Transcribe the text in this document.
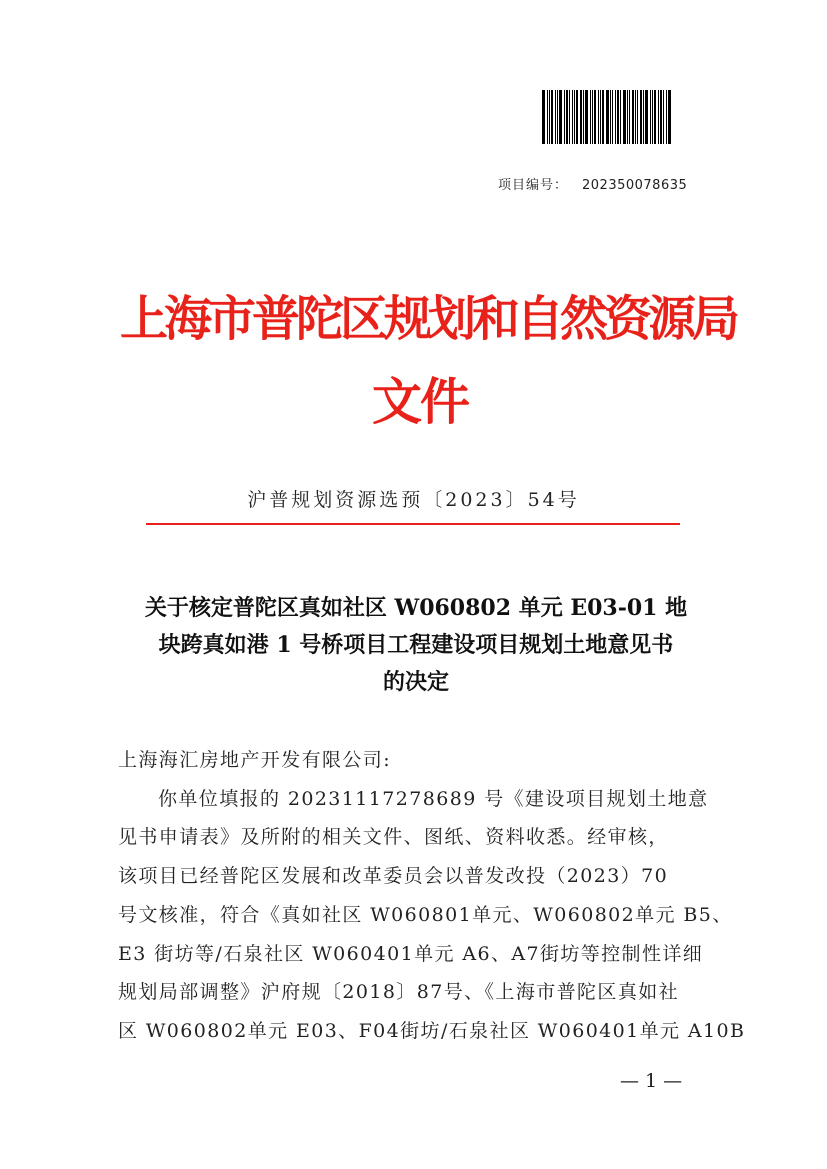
项目编号： 202350078635
上海市普陀区规划和自然资源局
文件
沪普规划资源选预〔2023〕54号
关于核定普陀区真如社区 W060802 单元 E03-01 地
块跨真如港 1 号桥项目工程建设项目规划土地意见书
的决定
上海海汇房地产开发有限公司:
你单位填报的 20231117278689 号《建设项目规划土地意
见书申请表》及所附的相关文件、图纸、资料收悉。经审核，
该项目已经普陀区发展和改革委员会以普发改投（2023）70
号文核准，符合《真如社区 W060801单元、W060802单元 B5、
E3 街坊等/石泉社区 W060401单元 A6、A7街坊等控制性详细
规划局部调整》沪府规〔2018〕87号、《上海市普陀区真如社
区 W060802单元 E03、F04街坊/石泉社区 W060401单元 A10B
— 1 —
